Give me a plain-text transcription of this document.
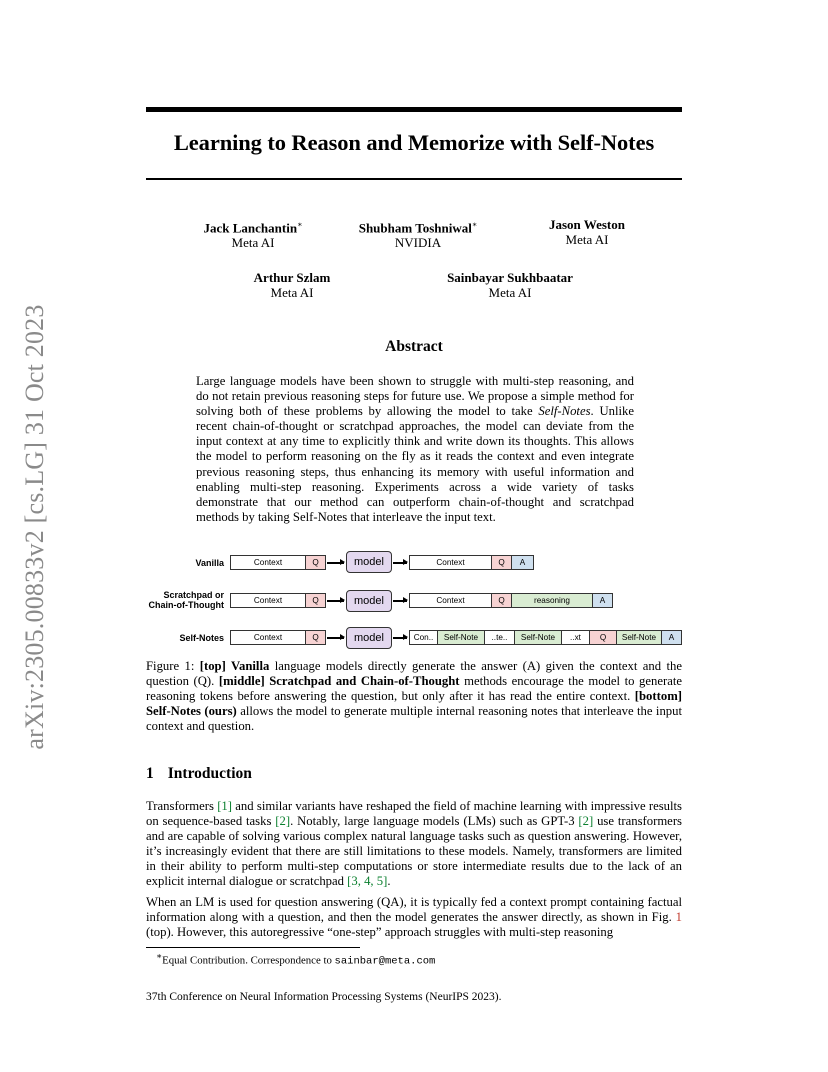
arXiv:2305.00833v2 [cs.LG] 31 Oct 2023
Learning to Reason and Memorize with Self-Notes
Jack Lanchantin∗
Meta AI
Shubham Toshniwal∗
NVIDIA
Jason Weston
Meta AI
Arthur Szlam
Meta AI
Sainbayar Sukhbaatar
Meta AI
Abstract
Large language models have been shown to struggle with multi-step reasoning, and do not retain previous reasoning steps for future use. We propose a simple method for solving both of these problems by allowing the model to take Self-Notes. Unlike recent chain-of-thought or scratchpad approaches, the model can deviate from the input context at any time to explicitly think and write down its thoughts. This allows the model to perform reasoning on the fly as it reads the context and even integrate previous reasoning steps, thus enhancing its memory with useful information and enabling multi-step reasoning. Experiments across a wide variety of tasks demonstrate that our method can outperform chain-of-thought and scratchpad methods by taking Self-Notes that interleave the input text.
Vanilla	Context	Q	model	Context	Q	A
Scratchpad or
Chain-of-Thought	Context	Q	model	Context	Q	reasoning	A
Self-Notes	Context	Q	model	Con..	Self-Note	..te..	Self-Note	..xt	Q	Self-Note	A
Figure 1: [top] Vanilla language models directly generate the answer (A) given the context and the question (Q). [middle] Scratchpad and Chain-of-Thought methods encourage the model to generate reasoning tokens before answering the question, but only after it has read the entire context. [bottom] Self-Notes (ours) allows the model to generate multiple internal reasoning notes that interleave the input context and question.
1 Introduction
Transformers [1] and similar variants have reshaped the field of machine learning with impressive results on sequence-based tasks [2]. Notably, large language models (LMs) such as GPT-3 [2] use transformers and are capable of solving various complex natural language tasks such as question answering. However, it’s increasingly evident that there are still limitations to these models. Namely, transformers are limited in their ability to perform multi-step computations or store intermediate results due to the lack of an explicit internal dialogue or scratchpad [3, 4, 5].
When an LM is used for question answering (QA), it is typically fed a context prompt containing factual information along with a question, and then the model generates the answer directly, as shown in Fig. 1 (top). However, this autoregressive “one-step” approach struggles with multi-step reasoning
∗Equal Contribution. Correspondence to sainbar@meta.com
37th Conference on Neural Information Processing Systems (NeurIPS 2023).
